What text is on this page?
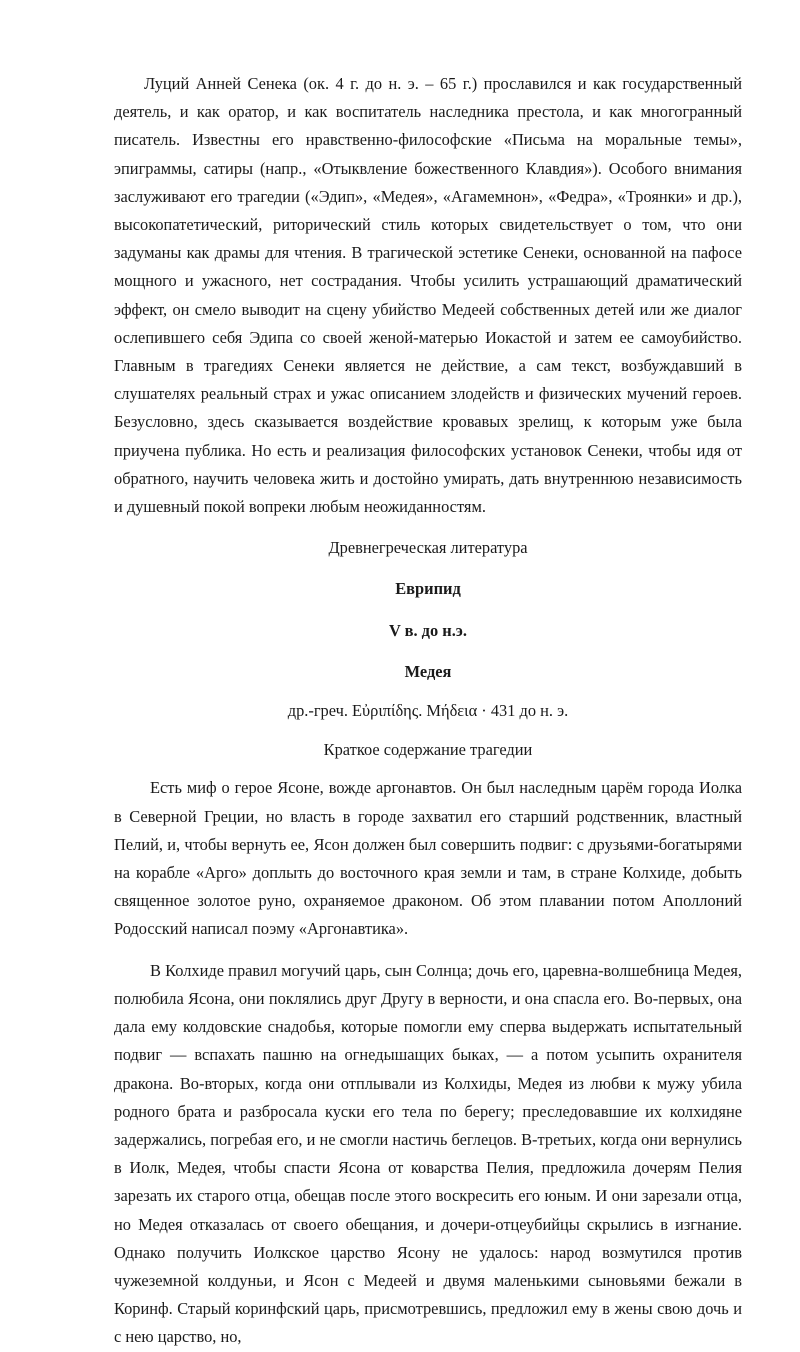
Луций Анней Сенека (ок. 4 г. до н. э. – 65 г.) прославился и как государственный деятель, и как оратор, и как воспитатель наследника престола, и как многогранный писатель. Известны его нравственно-философские «Письма на моральные темы», эпиграммы, сатиры (напр., «Отыквление божественного Клавдия»). Особого внимания заслуживают его трагедии («Эдип», «Медея», «Агамемнон», «Федра», «Троянки» и др.), высокопатетический, риторический стиль которых свидетельствует о том, что они задуманы как драмы для чтения. В трагической эстетике Сенеки, основанной на пафосе мощного и ужасного, нет сострадания. Чтобы усилить устрашающий драматический эффект, он смело выводит на сцену убийство Медеей собственных детей или же диалог ослепившего себя Эдипа со своей женой-матерью Иокастой и затем ее самоубийство. Главным в трагедиях Сенеки является не действие, а сам текст, возбуждавший в слушателях реальный страх и ужас описанием злодейств и физических мучений героев. Безусловно, здесь сказывается воздействие кровавых зрелищ, к которым уже была приучена публика. Но есть и реализация философских установок Сенеки, чтобы идя от обратного, научить человека жить и достойно умирать, дать внутреннюю независимость и душевный покой вопреки любым неожиданностям.

Древнегреческая литература

Еврипид

V в. до н.э.

Медея

др.-греч. Εὐριπίδης. Μήδεια · 431 до н. э.

Краткое содержание трагедии

Есть миф о герое Ясоне, вожде аргонавтов. Он был наследным царём города Иолка в Северной Греции, но власть в городе захватил его старший родственник, властный Пелий, и, чтобы вернуть ее, Ясон должен был совершить подвиг: с друзьями-богатырями на корабле «Арго» доплыть до восточного края земли и там, в стране Колхиде, добыть священное золотое руно, охраняемое драконом. Об этом плавании потом Аполлоний Родосский написал поэму «Аргонавтика».

В Колхиде правил могучий царь, сын Солнца; дочь его, царевна-волшебница Медея, полюбила Ясона, они поклялись друг Другу в верности, и она спасла его. Во-первых, она дала ему колдовские снадобья, которые помогли ему сперва выдержать испытательный подвиг — вспахать пашню на огнедышащих быках, — а потом усыпить охранителя дракона. Во-вторых, когда они отплывали из Колхиды, Медея из любви к мужу убила родного брата и разбросала куски его тела по берегу; преследовавшие их колхидяне задержались, погребая его, и не смогли настичь беглецов. В-третьих, когда они вернулись в Иолк, Медея, чтобы спасти Ясона от коварства Пелия, предложила дочерям Пелия зарезать их старого отца, обещав после этого воскресить его юным. И они зарезали отца, но Медея отказалась от своего обещания, и дочери-отцеубийцы скрылись в изгнание. Однако получить Иолкское царство Ясону не удалось: народ возмутился против чужеземной колдуньи, и Ясон с Медеей и двумя маленькими сыновьями бежали в Коринф. Старый коринфский царь, присмотревшись, предложил ему в жены свою дочь и с нею царство, но,
